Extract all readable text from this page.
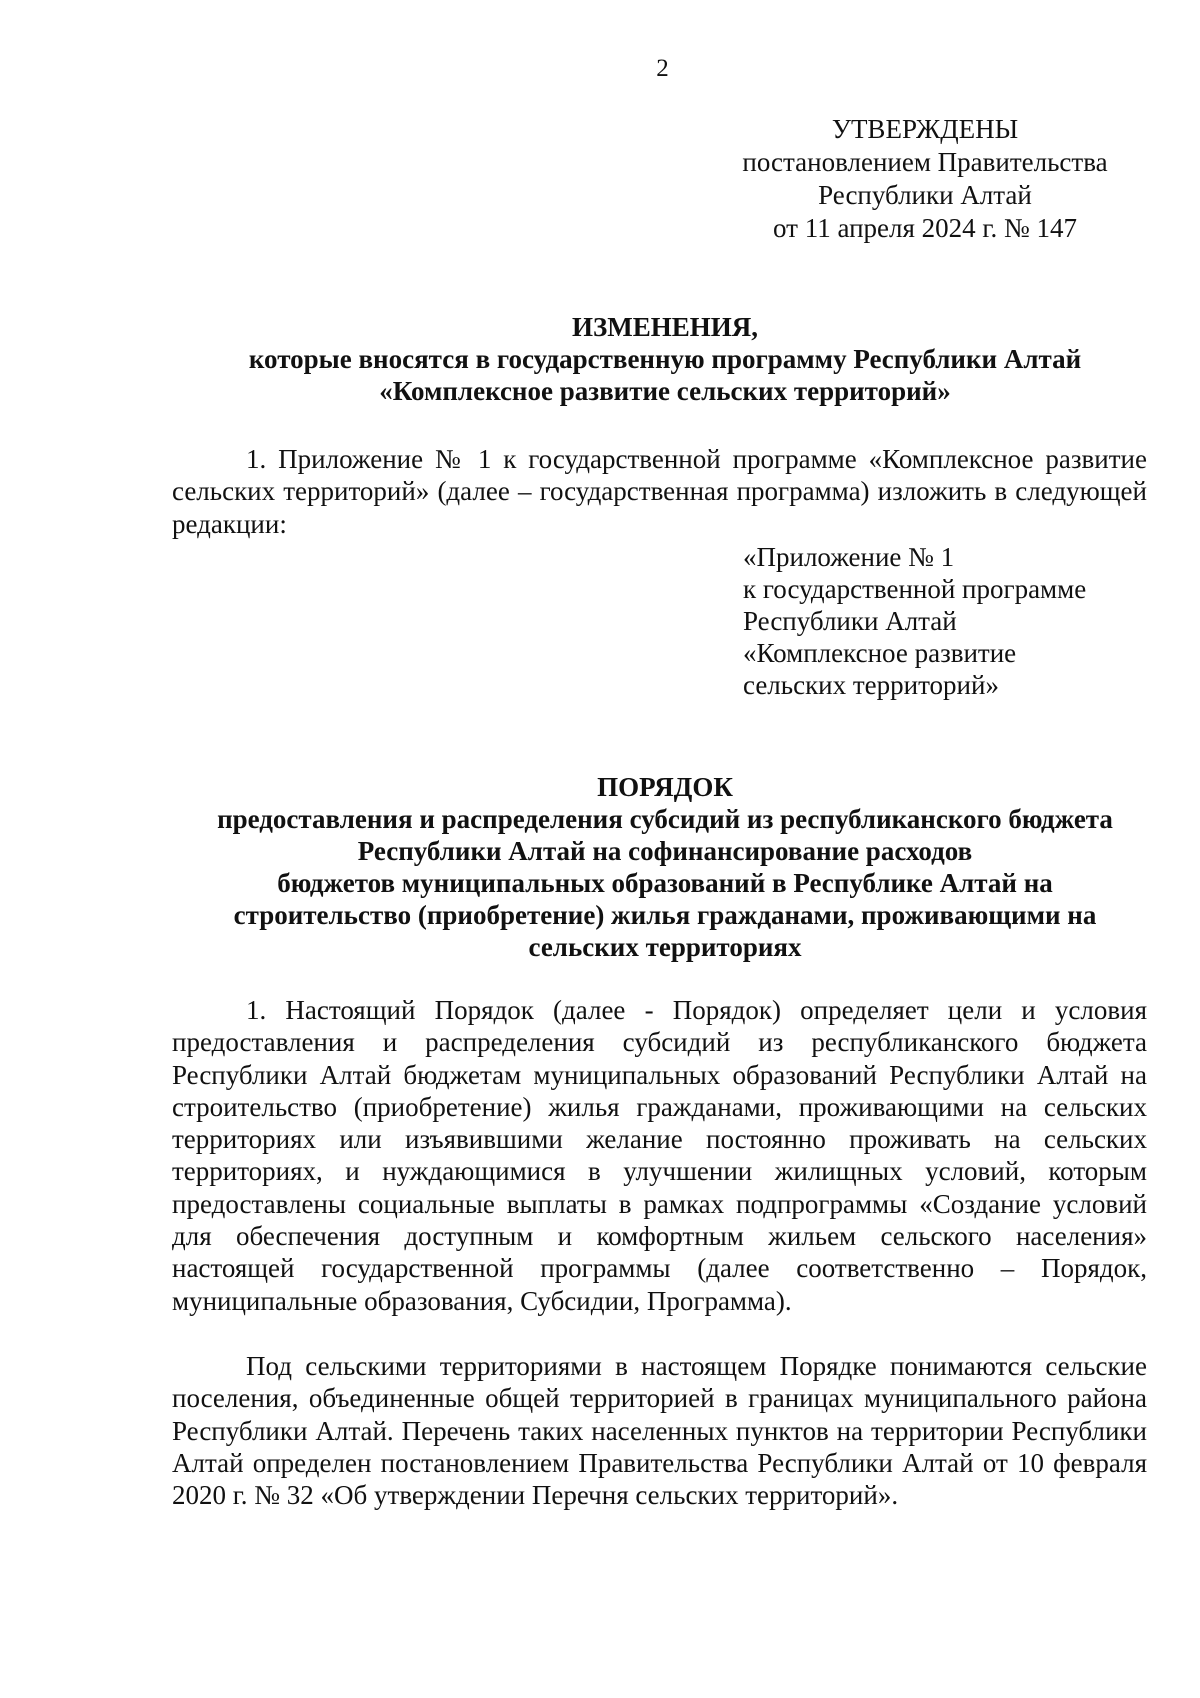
2
УТВЕРЖДЕНЫ
постановлением Правительства
Республики Алтай
от 11 апреля 2024 г. № 147
ИЗМЕНЕНИЯ,
которые вносятся в государственную программу Республики Алтай
«Комплексное развитие сельских территорий»

1. Приложение № 1 к государственной программе «Комплексное развитие сельских территорий» (далее – государственная программа) изложить в следующей редакции:

«Приложение № 1
к государственной программе
Республики Алтай
«Комплексное развитие
сельских территорий»
ПОРЯДОК
предоставления и распределения субсидий из республиканского бюджета
Республики Алтай на софинансирование расходов
бюджетов муниципальных образований в Республике Алтай на
строительство (приобретение) жилья гражданами, проживающими на
сельских территориях

1. Настоящий Порядок (далее - Порядок) определяет цели и условия предоставления и распределения субсидий из республиканского бюджета Республики Алтай бюджетам муниципальных образований Республики Алтай на строительство (приобретение) жилья гражданами, проживающими на сельских территориях или изъявившими желание постоянно проживать на сельских территориях, и нуждающимися в улучшении жилищных условий, которым предоставлены социальные выплаты в рамках подпрограммы «Создание условий для обеспечения доступным и комфортным жильем сельского населения» настоящей государственной программы (далее соответственно – Порядок, муниципальные образования, Субсидии, Программа).

Под сельскими территориями в настоящем Порядке понимаются сельские поселения, объединенные общей территорией в границах муниципального района Республики Алтай. Перечень таких населенных пунктов на территории Республики Алтай определен постановлением Правительства Республики Алтай от 10 февраля 2020 г. № 32 «Об утверждении Перечня сельских территорий».
